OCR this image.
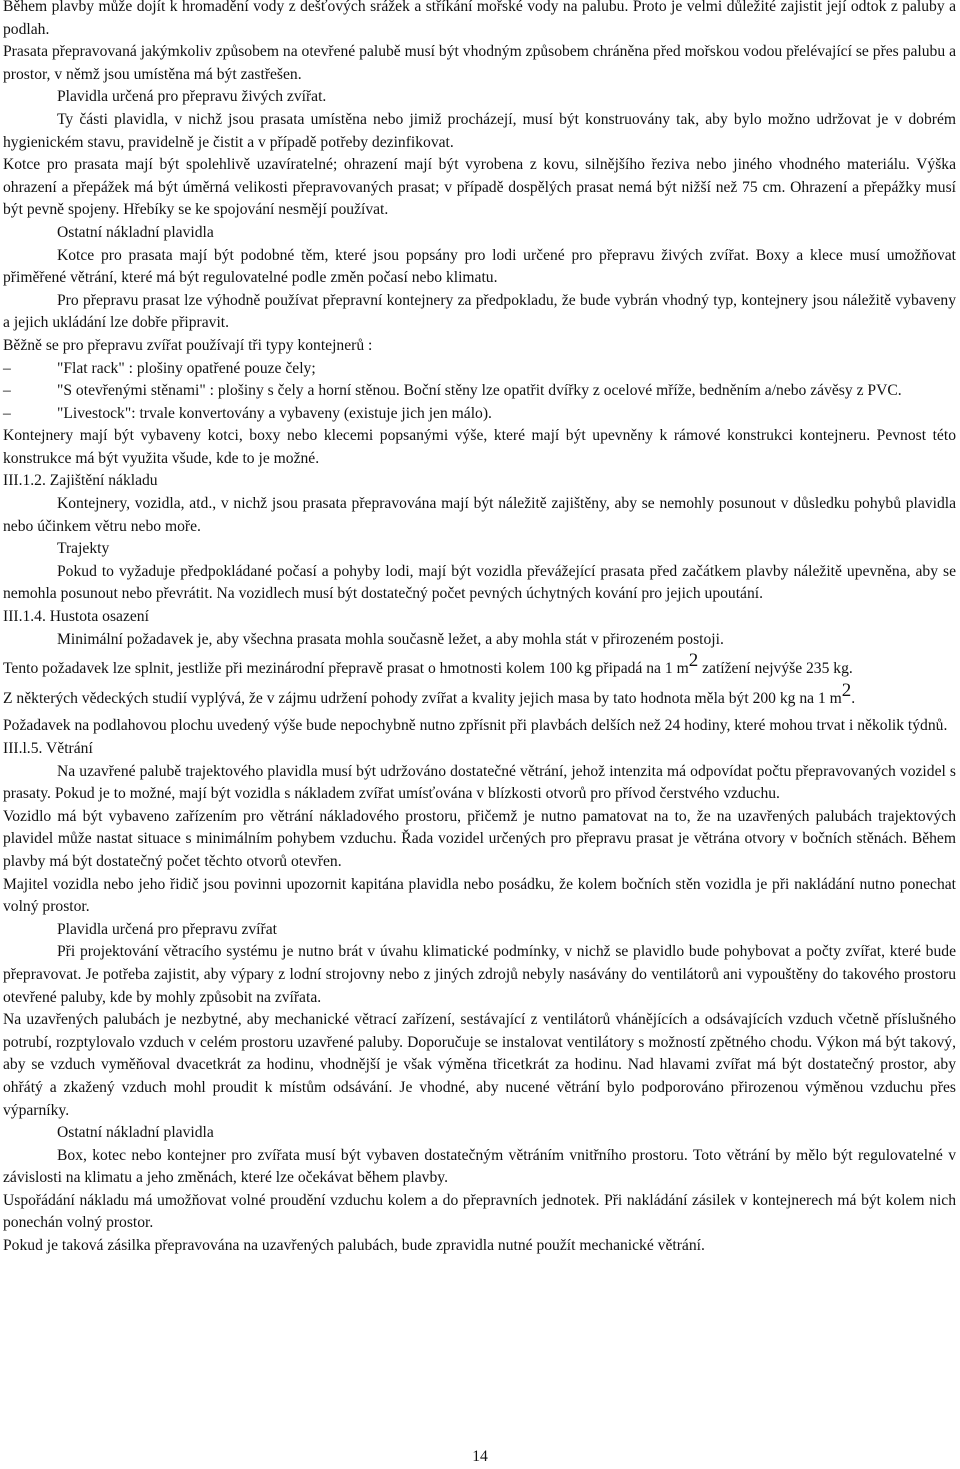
Během plavby může dojít k hromadění vody z dešťových srážek a stříkání mořské vody na palubu. Proto je velmi důležité zajistit její odtok z paluby a podlah.

Prasata přepravovaná jakýmkoliv způsobem na otevřené palubě musí být vhodným způsobem chráněna před mořskou vodou přelévající se přes palubu a prostor, v němž jsou umístěna má být zastřešen.

Plavidla určená pro přepravu živých zvířat.

Ty části plavidla, v nichž jsou prasata umístěna nebo jimiž procházejí, musí být konstruovány tak, aby bylo možno udržovat je v dobrém hygienickém stavu, pravidelně je čistit a v případě potřeby dezinfikovat.

Kotce pro prasata mají být spolehlivě uzavíratelné; ohrazení mají být vyrobena z kovu, silnějšího řeziva nebo jiného vhodného materiálu. Výška ohrazení a přepážek má být úměrná velikosti přepravovaných prasat; v případě dospělých prasat nemá být nižší než 75 cm. Ohrazení a přepážky musí být pevně spojeny. Hřebíky se ke spojování nesmějí používat.

Ostatní nákladní plavidla

Kotce pro prasata mají být podobné těm, které jsou popsány pro lodi určené pro přepravu živých zvířat. Boxy a klece musí umožňovat přiměřené větrání, které má být regulovatelné podle změn počasí nebo klimatu.

Pro přepravu prasat lze výhodně používat přepravní kontejnery za předpokladu, že bude vybrán vhodný typ, kontejnery jsou náležitě vybaveny a jejich ukládání lze dobře připravit.

Běžně se pro přepravu zvířat používají tři typy kontejnerů :

–	"Flat rack" : plošiny opatřené pouze čely;
–	"S otevřenými stěnami" : plošiny s čely a horní stěnou. Boční stěny lze opatřit dvířky z ocelové mříže, bedněním a/nebo závěsy z PVC.
–	"Livestock": trvale konvertovány a vybaveny (existuje jich jen málo).

Kontejnery mají být vybaveny kotci, boxy nebo klecemi popsanými výše, které mají být upevněny k rámové konstrukci kontejneru. Pevnost této konstrukce má být využita všude, kde to je možné.

III.1.2. Zajištění nákladu

Kontejnery, vozidla, atd., v nichž jsou prasata přepravována mají být náležitě zajištěny, aby se nemohly posunout v důsledku pohybů plavidla nebo účinkem větru nebo moře.

Trajekty

Pokud to vyžaduje předpokládané počasí a pohyby lodi, mají být vozidla převážející prasata před začátkem plavby náležitě upevněna, aby se nemohla posunout nebo převrátit. Na vozidlech musí být dostatečný počet pevných úchytných kování pro jejich upoutání.

III.1.4. Hustota osazení

Minimální požadavek je, aby všechna prasata mohla současně ležet, a aby mohla stát v přirozeném postoji.

Tento požadavek lze splnit, jestliže při mezinárodní přepravě prasat o hmotnosti kolem 100 kg připadá na 1 $m^2$ zatížení nejvýše 235 kg.

Z některých vědeckých studií vyplývá, že v zájmu udržení pohody zvířat a kvality jejich masa by tato hodnota měla být 200 kg na 1 $m^2$.

Požadavek na podlahovou plochu uvedený výše bude nepochybně nutno zpřísnit při plavbách delších než 24 hodiny, které mohou trvat i několik týdnů.

III.l.5. Větrání

Na uzavřené palubě trajektového plavidla musí být udržováno dostatečné větrání, jehož intenzita má odpovídat počtu přepravovaných vozidel s prasaty. Pokud je to možné, mají být vozidla s nákladem zvířat umísťována v blízkosti otvorů pro přívod čerstvého vzduchu.

Vozidlo má být vybaveno zařízením pro větrání nákladového prostoru, přičemž je nutno pamatovat na to, že na uzavřených palubách trajektových plavidel může nastat situace s minimálním pohybem vzduchu. Řada vozidel určených pro přepravu prasat je větrána otvory v bočních stěnách. Během plavby má být dostatečný počet těchto otvorů otevřen.

Majitel vozidla nebo jeho řidič jsou povinni upozornit kapitána plavidla nebo posádku, že kolem bočních stěn vozidla je při nakládání nutno ponechat volný prostor.

Plavidla určená pro přepravu zvířat

Při projektování větracího systému je nutno brát v úvahu klimatické podmínky, v nichž se plavidlo bude pohybovat a počty zvířat, které bude přepravovat. Je potřeba zajistit, aby výpary z lodní strojovny nebo z jiných zdrojů nebyly nasávány do ventilátorů ani vypouštěny do takového prostoru otevřené paluby, kde by mohly způsobit na zvířata.

Na uzavřených palubách je nezbytné, aby mechanické větrací zařízení, sestávající z ventilátorů vhánějících a odsávajících vzduch včetně příslušného potrubí, rozptylovalo vzduch v celém prostoru uzavřené paluby. Doporučuje se instalovat ventilátory s možností zpětného chodu. Výkon má být takový, aby se vzduch vyměňoval dvacetkrát za hodinu, vhodnější je však výměna třicetkrát za hodinu. Nad hlavami zvířat má být dostatečný prostor, aby ohřátý a zkažený vzduch mohl proudit k místům odsávání. Je vhodné, aby nucené větrání bylo podporováno přirozenou výměnou vzduchu přes výparníky.

Ostatní nákladní plavidla

Box, kotec nebo kontejner pro zvířata musí být vybaven dostatečným větráním vnitřního prostoru. Toto větrání by mělo být regulovatelné v závislosti na klimatu a jeho změnách, které lze očekávat během plavby.

Uspořádání nákladu má umožňovat volné proudění vzduchu kolem a do přepravních jednotek. Při nakládání zásilek v kontejnerech má být kolem nich ponechán volný prostor.

Pokud je taková zásilka přepravována na uzavřených palubách, bude zpravidla nutné použít mechanické větrání.

14
